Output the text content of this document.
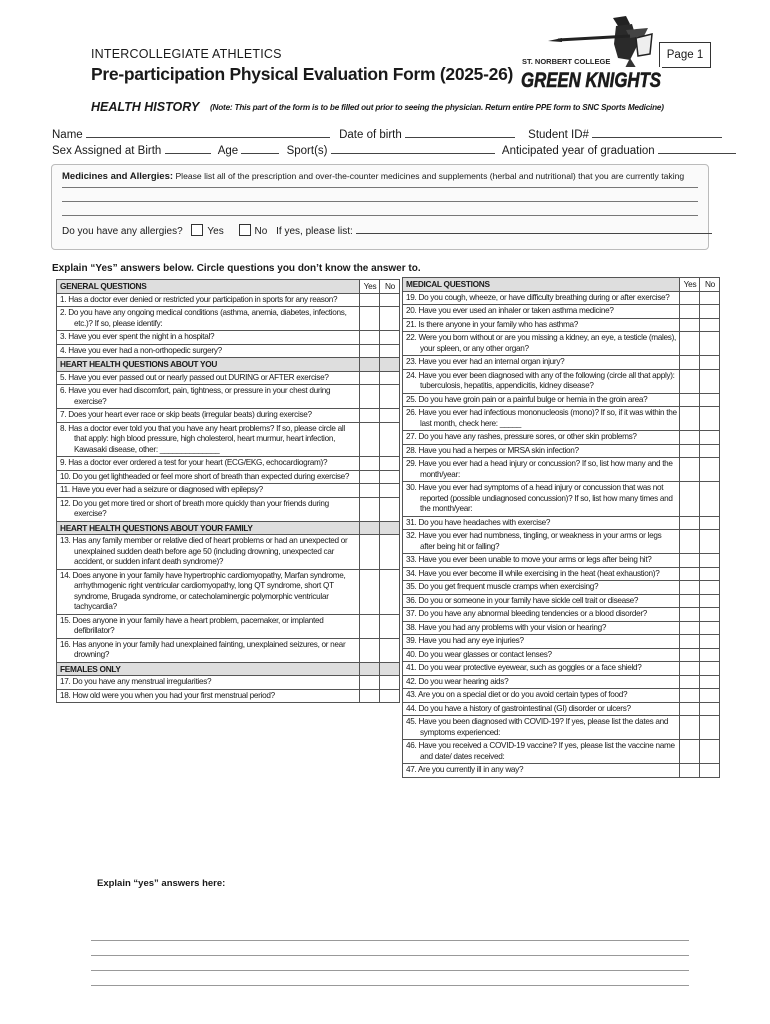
INTERCOLLEGIATE ATHLETICS
Pre-participation Physical Evaluation Form (2025-26)
Page 1
ST. NORBERT COLLEGE
GREEN KNIGHTS
HEALTH HISTORY (Note: This part of the form is to be filled out prior to seeing the physician. Return entire PPE form to SNC Sports Medicine)
Name	Date of birth	Student ID#
Sex Assigned at Birth	Age	Sport(s)	Anticipated year of graduation
Medicines and Allergies: Please list all of the prescription and over-the-counter medicines and supplements (herbal and nutritional) that you are currently taking
Do you have any allergies? Yes	No If yes, please list:
Explain “Yes” answers below. Circle questions you don’t know the answer to.
GENERAL QUESTIONS	Yes	No

1. Has a doctor ever denied or restricted your participation in sports for any reason?		

2. Do you have any ongoing medical conditions (asthma, anemia, diabetes, infections, etc.)? If so, please identify:		

3. Have you ever spent the night in a hospital?		

4. Have you ever had a non-orthopedic surgery?		

HEART HEALTH QUESTIONS ABOUT YOU		

5. Have you ever passed out or nearly passed out DURING or AFTER exercise?		

6. Have you ever had discomfort, pain, tightness, or pressure in your chest during exercise?		

7. Does your heart ever race or skip beats (irregular beats) during exercise?		

8. Has a doctor ever told you that you have any heart problems? If so, please circle all that apply: high blood pressure, high cholesterol, heart murmur, heart infection, Kawasaki disease, other: ______________		

9. Has a doctor ever ordered a test for your heart (ECG/EKG, echocardiogram)?		

10. Do you get lightheaded or feel more short of breath than expected during exercise?		

11. Have you ever had a seizure or diagnosed with epilepsy?		

12. Do you get more tired or short of breath more quickly than your friends during exercise?		

HEART HEALTH QUESTIONS ABOUT YOUR FAMILY		

13. Has any family member or relative died of heart problems or had an unexpected or unexplained sudden death before age 50 (including drowning, unexpected car accident, or sudden infant death syndrome)?		

14. Does anyone in your family have hypertrophic cardiomyopathy, Marfan syndrome, arrhythmogenic right ventricular cardiomyopathy, long QT syndrome, short QT syndrome, Brugada syndrome, or catecholaminergic polymorphic ventricular tachycardia?		

15. Does anyone in your family have a heart problem, pacemaker, or implanted defibrillator?		

16. Has anyone in your family had unexplained fainting, unexplained seizures, or near drowning?		

FEMALES ONLY		

17. Do you have any menstrual irregularities?		

18. How old were you when you had your first menstrual period?		

MEDICAL QUESTIONS	Yes	No

19. Do you cough, wheeze, or have difficulty breathing during or after exercise?		

20. Have you ever used an inhaler or taken asthma medicine?		

21. Is there anyone in your family who has asthma?		

22. Were you born without or are you missing a kidney, an eye, a testicle (males), your spleen, or any other organ?		

23. Have you ever had an internal organ injury?		

24. Have you ever been diagnosed with any of the following (circle all that apply): tuberculosis, hepatitis, appendicitis, kidney disease?		

25. Do you have groin pain or a painful bulge or hernia in the groin area?		

26. Have you ever had infectious mononucleosis (mono)? If so, if it was within the last month, check here: _____		

27. Do you have any rashes, pressure sores, or other skin problems?		

28. Have you had a herpes or MRSA skin infection?		

29. Have you ever had a head injury or concussion? If so, list how many and the month/year:		

30. Have you ever had symptoms of a head injury or concussion that was not reported (possible undiagnosed concussion)? If so, list how many times and the month/year:		

31. Do you have headaches with exercise?		

32. Have you ever had numbness, tingling, or weakness in your arms or legs after being hit or falling?		

33. Have you ever been unable to move your arms or legs after being hit?		

34. Have you ever become ill while exercising in the heat (heat exhaustion)?		

35. Do you get frequent muscle cramps when exercising?		

36. Do you or someone in your family have sickle cell trait or disease?		

37. Do you have any abnormal bleeding tendencies or a blood disorder?		

38. Have you had any problems with your vision or hearing?		

39. Have you had any eye injuries?		

40. Do you wear glasses or contact lenses?		

41. Do you wear protective eyewear, such as goggles or a face shield?		

42. Do you wear hearing aids?		

43. Are you on a special diet or do you avoid certain types of food?		

44. Do you have a history of gastrointestinal (GI) disorder or ulcers?		

45. Have you been diagnosed with COVID-19? If yes, please list the dates and symptoms experienced:		

46. Have you received a COVID-19 vaccine? If yes, please list the vaccine name and date/ dates received:		

47. Are you currently ill in any way?		

Explain “yes” answers here:
